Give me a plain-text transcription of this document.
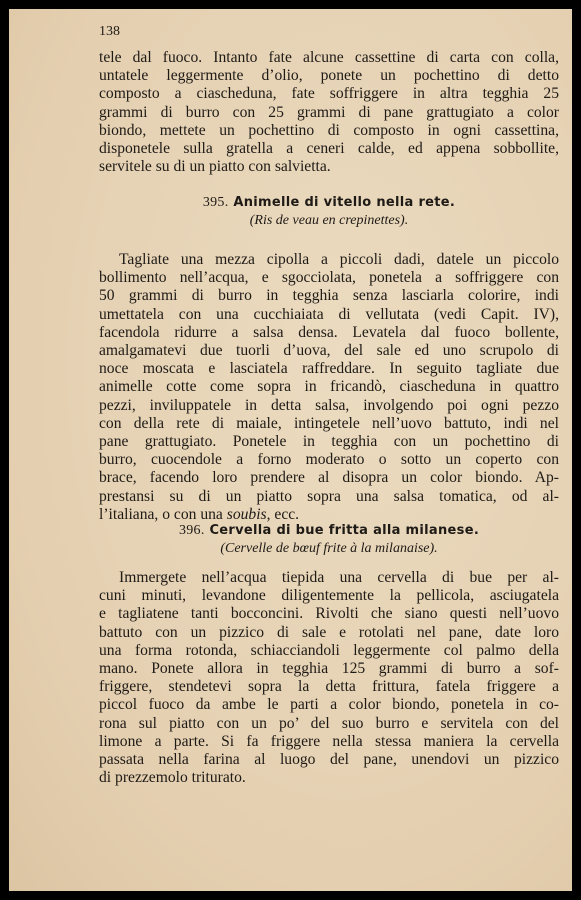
138
tele dal fuoco. Intanto fate alcune cassettine di carta con colla,
untatele leggermente d’olio, ponete un pochettino di detto
composto a ciascheduna, fate soffriggere in altra tegghia 25
grammi di burro con 25 grammi di pane grattugiato a color
biondo, mettete un pochettino di composto in ogni cassettina,
disponetele sulla gratella a ceneri calde, ed appena sobbollite,
servitele su di un piatto con salvietta.
395. Animelle di vitello nella rete.
(Ris de veau en crepinettes).
Tagliate una mezza cipolla a piccoli dadi, datele un piccolo
bollimento nell’acqua, e sgocciolata, ponetela a soffriggere con
50 grammi di burro in tegghia senza lasciarla colorire, indi
umettatela con una cucchiaiata di vellutata (vedi Capit. IV),
facendola ridurre a salsa densa. Levatela dal fuoco bollente,
amalgamatevi due tuorli d’uova, del sale ed uno scrupolo di
noce moscata e lasciatela raffreddare. In seguito tagliate due
animelle cotte come sopra in fricandò, ciascheduna in quattro
pezzi, inviluppatele in detta salsa, involgendo poi ogni pezzo
con della rete di maiale, intingetele nell’uovo battuto, indi nel
pane grattugiato. Ponetele in tegghia con un pochettino di
burro, cuocendole a forno moderato o sotto un coperto con
brace, facendo loro prendere al disopra un color biondo. Ap-
prestansi su di un piatto sopra una salsa tomatica, od al-
l’italiana, o con una soubis, ecc.
396. Cervella di bue fritta alla milanese.
(Cervelle de bœuf frite à la milanaise).
Immergete nell’acqua tiepida una cervella di bue per al-
cuni minuti, levandone diligentemente la pellicola, asciugatela
e tagliatene tanti bocconcini. Rivolti che siano questi nell’uovo
battuto con un pizzico di sale e rotolati nel pane, date loro
una forma rotonda, schiacciandoli leggermente col palmo della
mano. Ponete allora in tegghia 125 grammi di burro a sof-
friggere, stendetevi sopra la detta frittura, fatela friggere a
piccol fuoco da ambe le parti a color biondo, ponetela in co-
rona sul piatto con un po’ del suo burro e servitela con del
limone a parte. Si fa friggere nella stessa maniera la cervella
passata nella farina al luogo del pane, unendovi un pizzico
di prezzemolo triturato.
